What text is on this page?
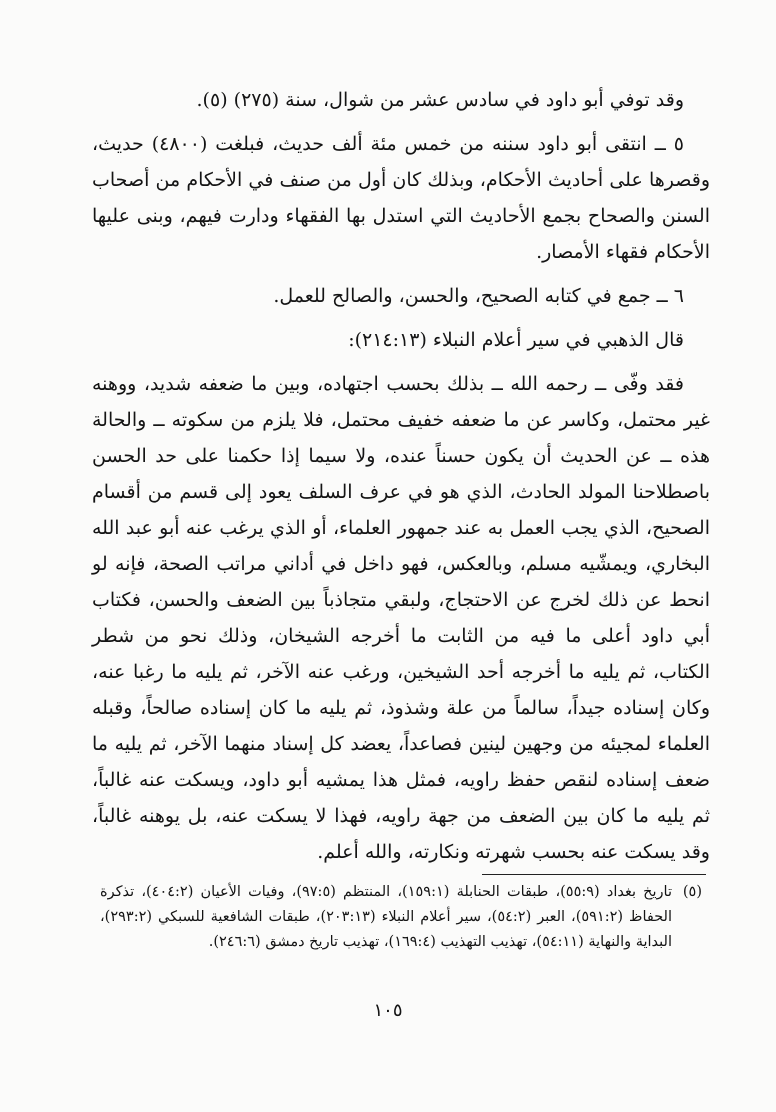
وقد توفي أبو داود في سادس عشر من شوال، سنة (٢٧٥) (٥).

٥ ــ انتقى أبو داود سننه من خمس مئة ألف حديث، فبلغت (٤٨٠٠) حديث، وقصرها على أحاديث الأحكام، وبذلك كان أول من صنف في الأحكام من أصحاب السنن والصحاح بجمع الأحاديث التي استدل بها الفقهاء ودارت فيهم، وبنى عليها الأحكام فقهاء الأمصار.

٦ ــ جمع في كتابه الصحيح، والحسن، والصالح للعمل.

قال الذهبي في سير أعلام النبلاء (٢١٤:١٣):

فقد وفّى ــ رحمه الله ــ بذلك بحسب اجتهاده، وبين ما ضعفه شديد، ووهنه غير محتمل، وكاسر عن ما ضعفه خفيف محتمل، فلا يلزم من سكوته ــ والحالة هذه ــ عن الحديث أن يكون حسناً عنده، ولا سيما إذا حكمنا على حد الحسن باصطلاحنا المولد الحادث، الذي هو في عرف السلف يعود إلى قسم من أقسام الصحيح، الذي يجب العمل به عند جمهور العلماء، أو الذي يرغب عنه أبو عبد الله البخاري، ويمشّيه مسلم، وبالعكس، فهو داخل في أداني مراتب الصحة، فإنه لو انحط عن ذلك لخرج عن الاحتجاج، ولبقي متجاذباً بين الضعف والحسن، فكتاب أبي داود أعلى ما فيه من الثابت ما أخرجه الشيخان، وذلك نحو من شطر الكتاب، ثم يليه ما أخرجه أحد الشيخين، ورغب عنه الآخر، ثم يليه ما رغبا عنه، وكان إسناده جيداً، سالماً من علة وشذوذ، ثم يليه ما كان إسناده صالحاً، وقبله العلماء لمجيئه من وجهين لينين فصاعداً، يعضد كل إسناد منهما الآخر، ثم يليه ما ضعف إسناده لنقص حفظ راويه، فمثل هذا يمشيه أبو داود، ويسكت عنه غالباً، ثم يليه ما كان بين الضعف من جهة راويه، فهذا لا يسكت عنه، بل يوهنه غالباً، وقد يسكت عنه بحسب شهرته ونكارته، والله أعلم.

(٥)
تاريخ بغداد (٥٥:٩)، طبقات الحنابلة (١٥٩:١)، المنتظم (٩٧:٥)، وفيات الأعيان (٤٠٤:٢)، تذكرة الحفاظ (٥٩١:٢)، العبر (٥٤:٢)، سير أعلام النبلاء (٢٠٣:١٣)، طبقات الشافعية للسبكي (٢٩٣:٢)، البداية والنهاية (٥٤:١١)، تهذيب التهذيب (١٦٩:٤)، تهذيب تاريخ دمشق (٢٤٦:٦).
١٠٥
